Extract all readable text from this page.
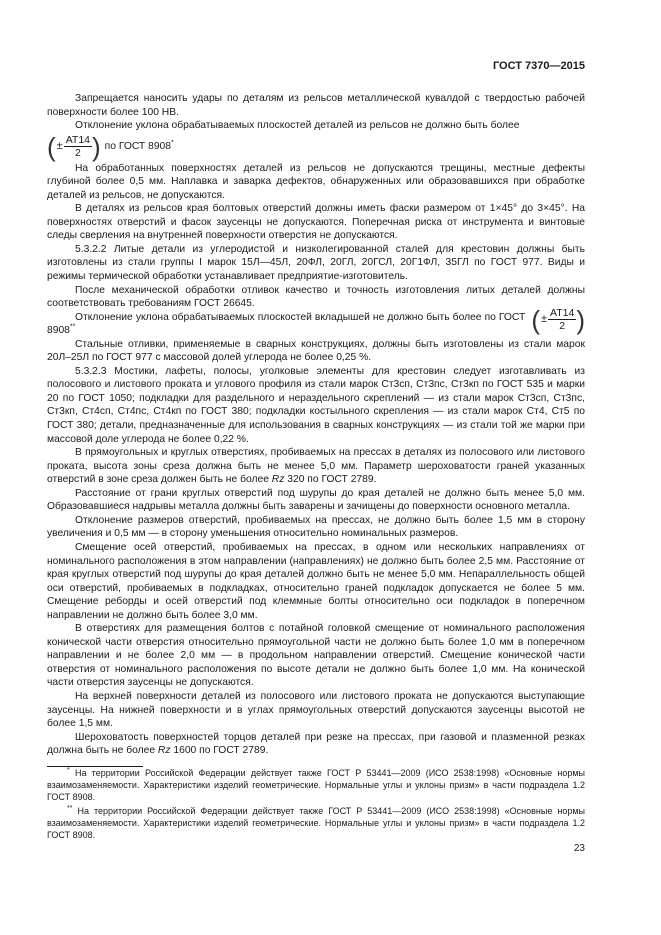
ГОСТ 7370—2015

Запрещается наносить удары по деталям из рельсов металлической кувалдой с твердостью рабочей поверхности более 100 НВ.

Отклонение уклона обрабатываемых плоскостей деталей из рельсов не должно быть более

( ± $\frac{АТ14}{2}$ ) по ГОСТ 8908*

На обработанных поверхностях деталей из рельсов не допускаются трещины, местные дефекты глубиной более 0,5 мм. Наплавка и заварка дефектов, обнаруженных или образовавшихся при обработке деталей из рельсов, не допускаются.

В деталях из рельсов края болтовых отверстий должны иметь фаски размером от 1×45° до 3×45°. На поверхностях отверстий и фасок заусенцы не допускаются. Поперечная риска от инструмента и винтовые следы сверления на внутренней поверхности отверстия не допускаются.

5.3.2.2 Литые детали из углеродистой и низколегированной сталей для крестовин должны быть изготовлены из стали группы I марок 15Л—45Л, 20ФЛ, 20ГЛ, 20ГСЛ, 20Г1ФЛ, 35ГЛ по ГОСТ 977. Виды и режимы термической обработки устанавливает предприятие-изготовитель.

После механической обработки отливок качество и точность изготовления литых деталей должны соответствовать требованиям ГОСТ 26645.

( ± $\frac{АТ14}{2}$ )
Отклонение уклона обрабатываемых плоскостей вкладышей не должно быть более по ГОСТ 8908**

Стальные отливки, применяемые в сварных конструкциях, должны быть изготовлены из стали марок 20Л–25Л по ГОСТ 977 с массовой долей углерода не более 0,25 %.

5.3.2.3 Мостики, лафеты, полосы, уголковые элементы для крестовин следует изготавливать из полосового и листового проката и углового профиля из стали марок Ст3сп, Ст3пс, Ст3кп по ГОСТ 535 и марки 20 по ГОСТ 1050; подкладки для раздельного и нераздельного скреплений — из стали марок Ст3сп, Ст3пс, Ст3кп, Ст4сп, Ст4пс, Ст4кп по ГОСТ 380; подкладки костыльного скрепления — из стали марок Ст4, Ст5 по ГОСТ 380; детали, предназначенные для использования в сварных конструкциях — из стали той же марки при массовой доле углерода не более 0,22 %.

В прямоугольных и круглых отверстиях, пробиваемых на прессах в деталях из полосового или листового проката, высота зоны среза должна быть не менее 5,0 мм. Параметр шероховатости граней указанных отверстий в зоне среза должен быть не более Rz 320 по ГОСТ 2789.

Расстояние от грани круглых отверстий под шурупы до края деталей не должно быть менее 5,0 мм. Образовавшиеся надрывы металла должны быть заварены и зачищены до поверхности основного металла.

Отклонение размеров отверстий, пробиваемых на прессах, не должно быть более 1,5 мм в сторону увеличения и 0,5 мм — в сторону уменьшения относительно номинальных размеров.

Смещение осей отверстий, пробиваемых на прессах, в одном или нескольких направлениях от номинального расположения в этом направлении (направлениях) не должно быть более 2,5 мм. Расстояние от края круглых отверстий под шурупы до края деталей должно быть не менее 5,0 мм. Непараллельность общей оси отверстий, пробиваемых в подкладках, относительно граней подкладок допускается не более 5 мм. Смещение реборды и осей отверстий под клеммные болты относительно оси подкладок в поперечном направлении не должно быть более 3,0 мм.

В отверстиях для размещения болтов с потайной головкой смещение от номинального расположения конической части отверстия относительно прямоугольной части не должно быть более 1,0 мм в поперечном направлении и не более 2,0 мм — в продольном направлении отверстий. Смещение конической части отверстия от номинального расположения по высоте детали не должно быть более 1,0 мм. На конической части отверстия заусенцы не допускаются.

На верхней поверхности деталей из полосового или листового проката не допускаются выступающие заусенцы. На нижней поверхности и в углах прямоугольных отверстий допускаются заусенцы высотой не более 1,5 мм.

Шероховатость поверхностей торцов деталей при резке на прессах, при газовой и плазменной резках должна быть не более Rz 1600 по ГОСТ 2789.

* На территории Российской Федерации действует также ГОСТ Р 53441—2009 (ИСО 2538:1998) «Основные нормы взаимозаменяемости. Характеристики изделий геометрические. Нормальные углы и уклоны призм» в части подраздела 1.2 ГОСТ 8908.

** На территории Российской Федерации действует также ГОСТ Р 53441—2009 (ИСО 2538:1998) «Основные нормы взаимозаменяемости. Характеристики изделий геометрические. Нормальные углы и уклоны призм» в части подраздела 1.2 ГОСТ 8908.

23
